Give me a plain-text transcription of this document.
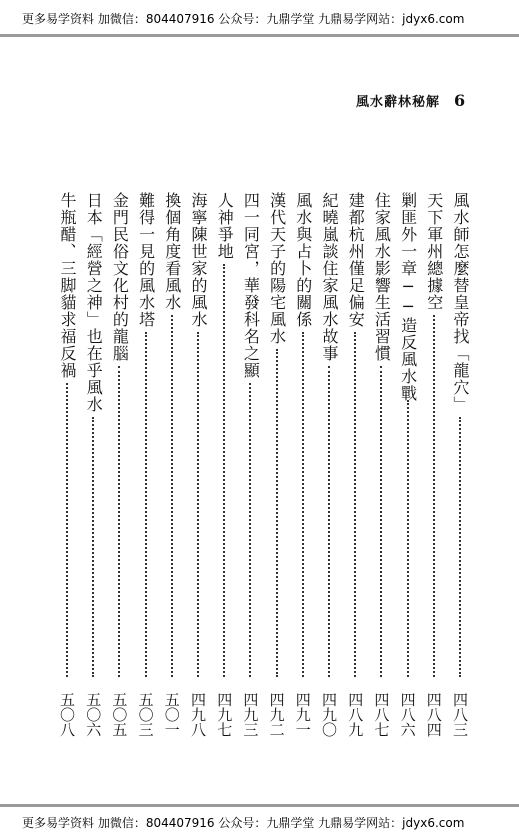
更多易学资料 加微信：804407916 公众号：九鼎学堂 九鼎易学网站：jdyx6.com
風水辭林秘解 6
風水師怎麼替皇帝找「龍穴」
四八三
天下軍州總據空
四八四
剿匪外一章──造反風水戰
四八六
住家風水影響生活習慣
四八七
建都杭州僅足偏安
四八九
紀曉嵐談住家風水故事
四九〇
風水與占卜的關係
四九一
漢代天子的陽宅風水
四九二
四一同宮，華發科名之顯
四九三
人神爭地
四九七
海寧陳世家的風水
四九八
換個角度看風水
五〇一
難得一見的風水塔
五〇三
金門民俗文化村的龍腦
五〇五
日本「經營之神」也在乎風水
五〇六
牛瓶醋、三脚貓求福反禍
五〇八
更多易学资料 加微信：804407916 公众号：九鼎学堂 九鼎易学网站：jdyx6.com
